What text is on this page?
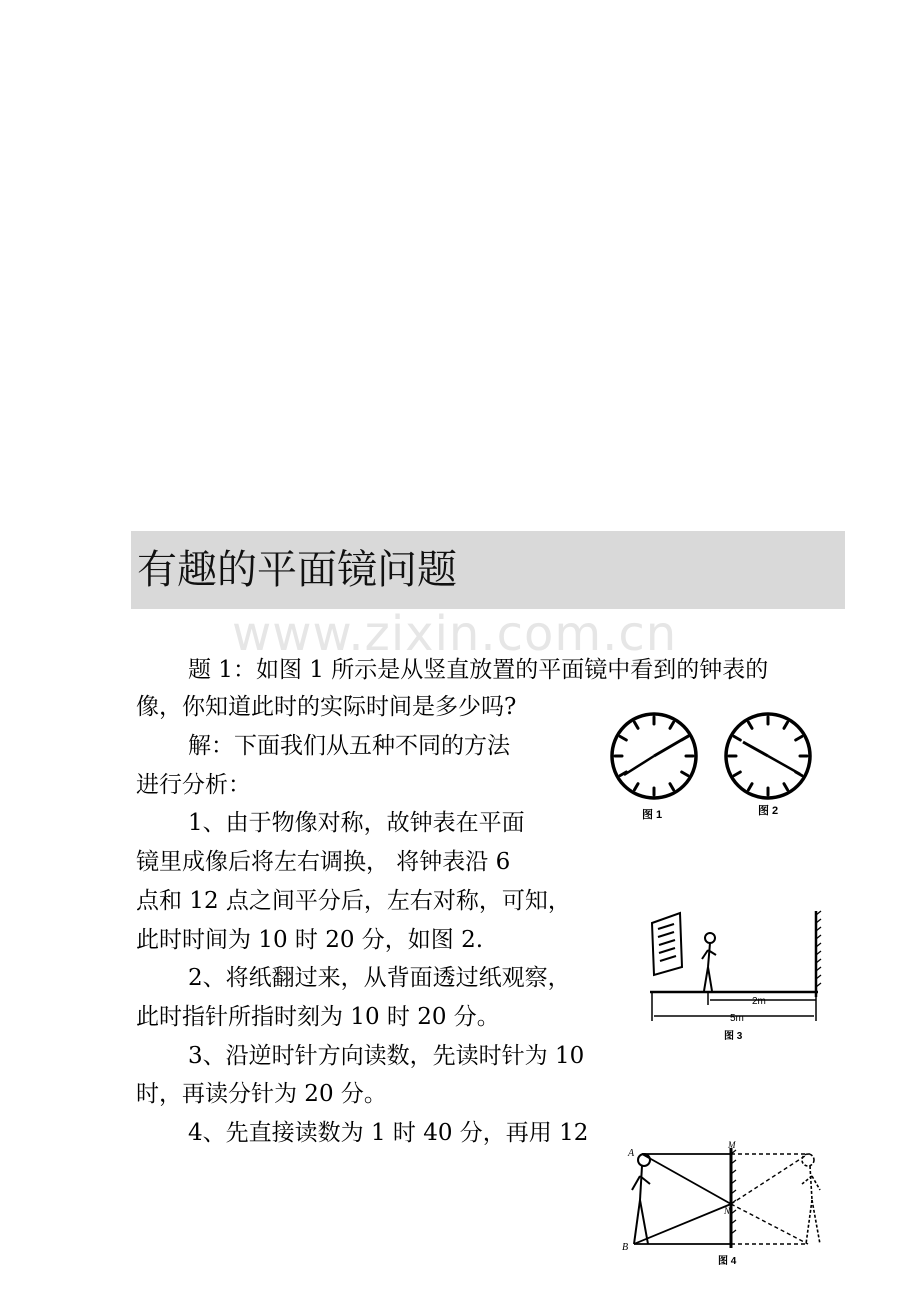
有趣的平面镜问题
www.zixin.com.cn
题 1：如图 1 所示是从竖直放置的平面镜中看到的钟表的
像，你知道此时的实际时间是多少吗?
解：下面我们从五种不同的方法
进行分析：
1、由于物像对称，故钟表在平面
镜里成像后将左右调换， 将钟表沿 6
点和 12 点之间平分后，左右对称，可知，
此时时间为 10 时 20 分，如图 2.
2、将纸翻过来，从背面透过纸观察，
此时指针所指时刻为 10 时 20 分。
3、沿逆时针方向读数，先读时针为 10
时，再读分针为 20 分。
4、先直接读数为 1 时 40 分，再用 12
图 1	图 2
2m
5m
图 3
A
M
B
N
图 4
